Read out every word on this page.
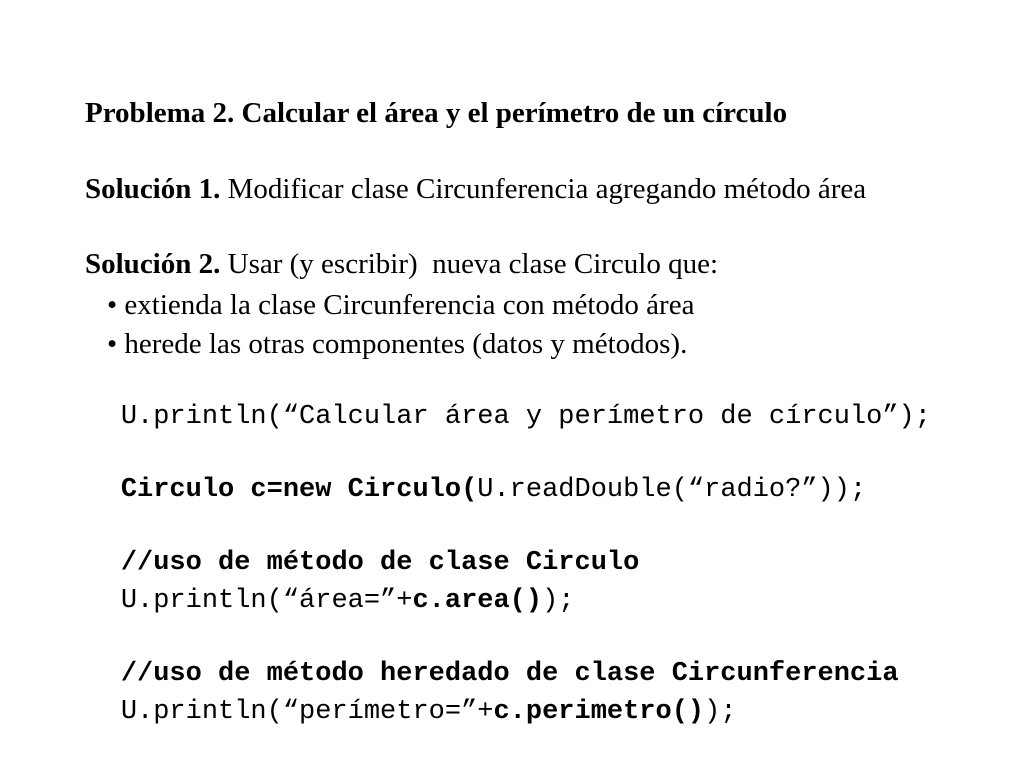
Problema 2. Calcular el área y el perímetro de un círculo

Solución 1. Modificar clase Circunferencia agregando método área

Solución 2. Usar (y escribir)  nueva clase Circulo que:

• extienda la clase Circunferencia con método área

• herede las otras componentes (datos y métodos).

U.println(“Calcular área y perímetro de círculo”);

Circulo c=new Circulo(U.readDouble(“radio?”));

//uso de método de clase Circulo

U.println(“área=”+c.area());

//uso de método heredado de clase Circunferencia

U.println(“perímetro=”+c.perimetro());
